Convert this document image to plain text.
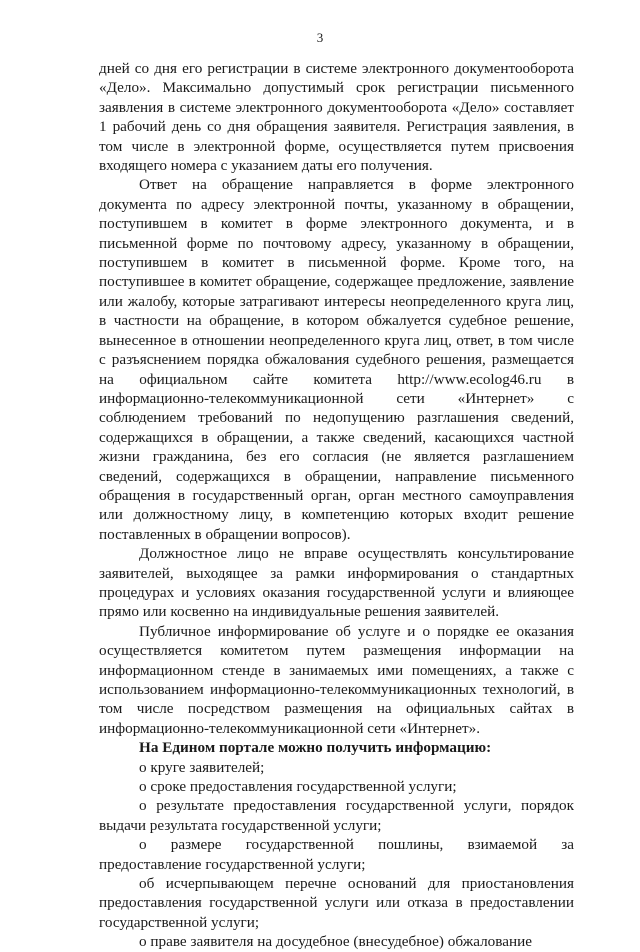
3

дней со дня его регистрации в системе электронного документооборота «Дело». Максимально допустимый срок регистрации письменного заявления в системе электронного документооборота «Дело» составляет 1 рабочий день со дня обращения заявителя. Регистрация заявления, в том числе в электронной форме, осуществляется путем присвоения входящего номера с указанием даты его получения.

Ответ на обращение направляется в форме электронного документа по адресу электронной почты, указанному в обращении, поступившем в комитет в форме электронного документа, и в письменной форме по почтовому адресу, указанному в обращении, поступившем в комитет в письменной форме. Кроме того, на поступившее в комитет обращение, содержащее предложение, заявление или жалобу, которые затрагивают интересы неопределенного круга лиц, в частности на обращение, в котором обжалуется судебное решение, вынесенное в отношении неопределенного круга лиц, ответ, в том числе с разъяснением порядка обжалования судебного решения, размещается на официальном сайте комитета http://www.ecolog46.ru в информационно-телекоммуникационной сети «Интернет» с соблюдением требований по недопущению разглашения сведений, содержащихся в обращении, а также сведений, касающихся частной жизни гражданина, без его согласия (не является разглашением сведений, содержащихся в обращении, направление письменного обращения в государственный орган, орган местного самоуправления или должностному лицу, в компетенцию которых входит решение поставленных в обращении вопросов).

Должностное лицо не вправе осуществлять консультирование заявителей, выходящее за рамки информирования о стандартных процедурах и условиях оказания государственной услуги и влияющее прямо или косвенно на индивидуальные решения заявителей.

Публичное информирование об услуге и о порядке ее оказания осуществляется комитетом путем размещения информации на информационном стенде в занимаемых ими помещениях, а также с использованием информационно-телекоммуникационных технологий, в том числе посредством размещения на официальных сайтах в информационно-телекоммуникационной сети «Интернет».

На Едином портале можно получить информацию:

о круге заявителей;

о сроке предоставления государственной услуги;

о результате предоставления государственной услуги, порядок выдачи результата государственной услуги;

о размере государственной пошлины, взимаемой за предоставление государственной услуги;

об исчерпывающем перечне оснований для приостановления предоставления государственной услуги или отказа в предоставлении государственной услуги;

о праве заявителя на досудебное (внесудебное) обжалование
